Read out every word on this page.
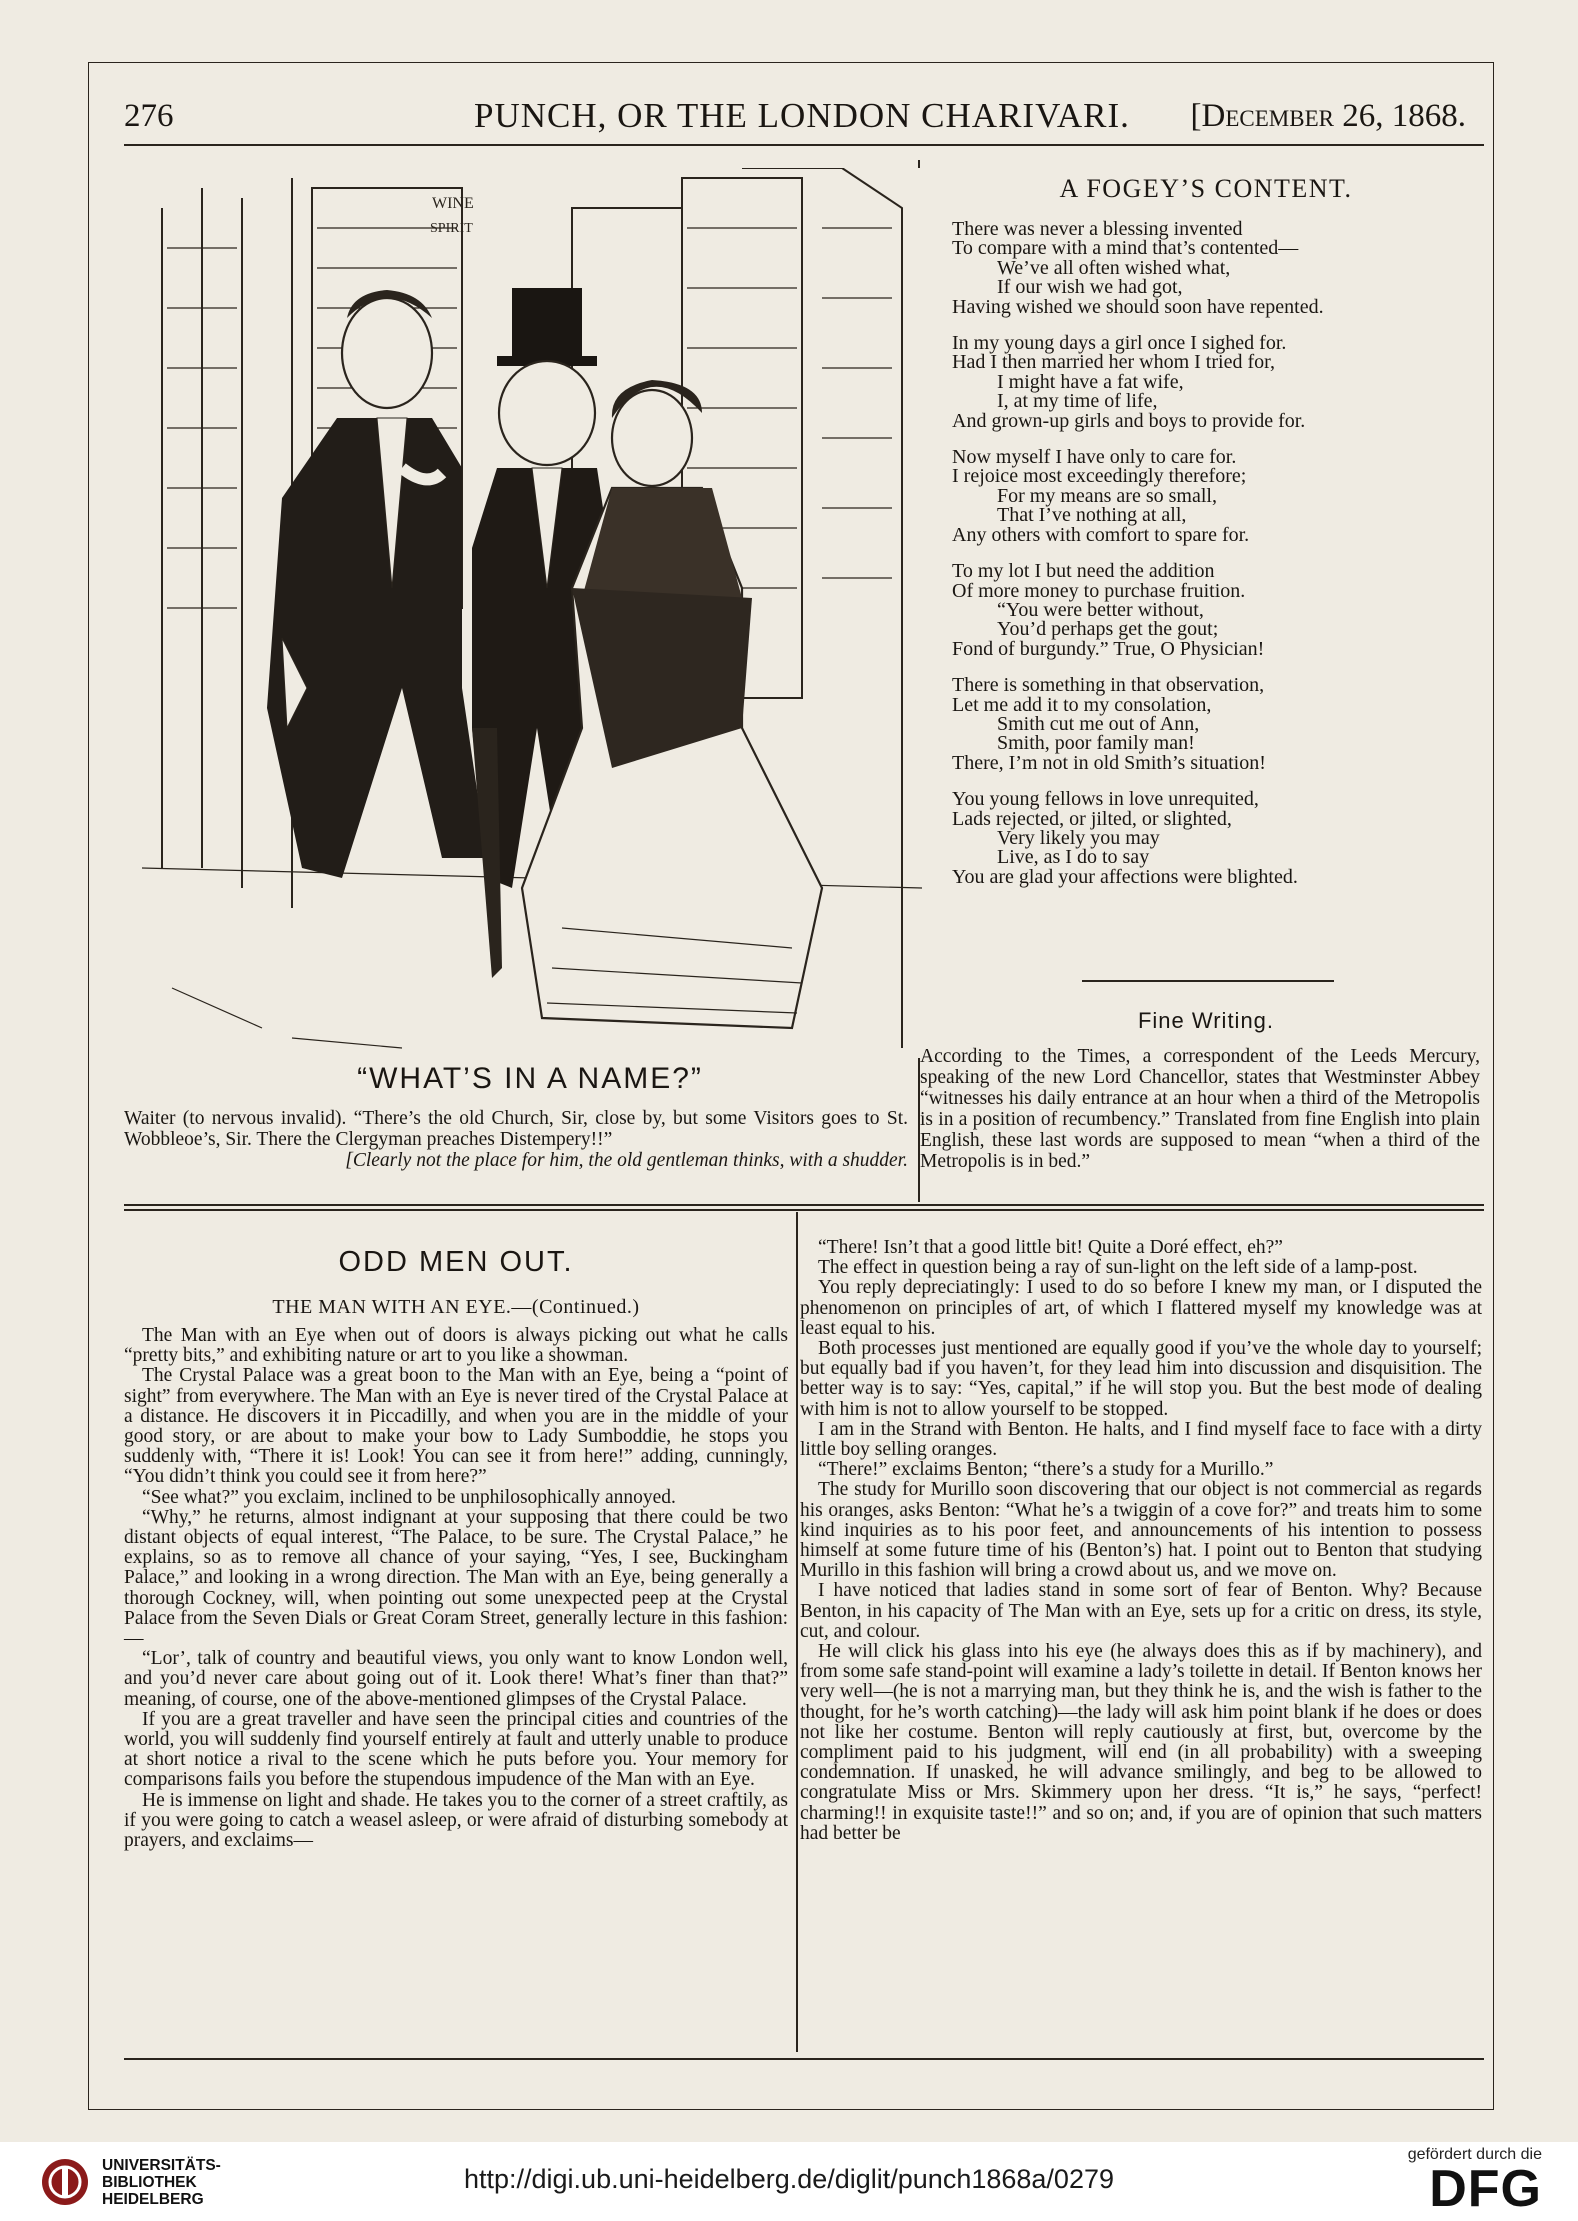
276	PUNCH, OR THE LONDON CHARIVARI. [December 26, 1868.
WINE
SPIRIT
“WHAT’S IN A NAME?”
Waiter (to nervous invalid). “There’s the old Church, Sir, close by, but some Visitors goes to St. Wobbleoe’s, Sir. There the Clergyman preaches Distempery!!”
[Clearly not the place for him, the old gentleman thinks, with a shudder.
A FOGEY’S CONTENT.
There was never a blessing invented
To compare with a mind that’s contented—
We’ve all often wished what,
If our wish we had got,
Having wished we should soon have repented.
In my young days a girl once I sighed for.
Had I then married her whom I tried for,
I might have a fat wife,
I, at my time of life,
And grown-up girls and boys to provide for.
Now myself I have only to care for.
I rejoice most exceedingly therefore;
For my means are so small,
That I’ve nothing at all,
Any others with comfort to spare for.
To my lot I but need the addition
Of more money to purchase fruition.
“You were better without,
You’d perhaps get the gout;
Fond of burgundy.” True, O Physician!
There is something in that observation,
Let me add it to my consolation,
Smith cut me out of Ann,
Smith, poor family man!
There, I’m not in old Smith’s situation!
You young fellows in love unrequited,
Lads rejected, or jilted, or slighted,
Very likely you may
Live, as I do to say
You are glad your affections were blighted.
Fine Writing.
According to the Times, a correspondent of the Leeds Mercury, speaking of the new Lord Chancellor, states that Westminster Abbey “witnesses his daily entrance at an hour when a third of the Metropolis is in a position of recumbency.” Translated from fine English into plain English, these last words are supposed to mean “when a third of the Metropolis is in bed.”
ODD MEN OUT.
THE MAN WITH AN EYE.—(Continued.)

The Man with an Eye when out of doors is always picking out what he calls “pretty bits,” and exhibiting nature or art to you like a showman.

The Crystal Palace was a great boon to the Man with an Eye, being a “point of sight” from everywhere. The Man with an Eye is never tired of the Crystal Palace at a distance. He discovers it in Piccadilly, and when you are in the middle of your good story, or are about to make your bow to Lady Sumboddie, he stops you suddenly with, “There it is! Look! You can see it from here!” adding, cunningly, “You didn’t think you could see it from here?”

“See what?” you exclaim, inclined to be unphilosophically annoyed.

“Why,” he returns, almost indignant at your supposing that there could be two distant objects of equal interest, “The Palace, to be sure. The Crystal Palace,” he explains, so as to remove all chance of your saying, “Yes, I see, Buckingham Palace,” and looking in a wrong direction. The Man with an Eye, being generally a thorough Cockney, will, when pointing out some unexpected peep at the Crystal Palace from the Seven Dials or Great Coram Street, generally lecture in this fashion:—

“Lor’, talk of country and beautiful views, you only want to know London well, and you’d never care about going out of it. Look there! What’s finer than that?” meaning, of course, one of the above-mentioned glimpses of the Crystal Palace.

If you are a great traveller and have seen the principal cities and countries of the world, you will suddenly find yourself entirely at fault and utterly unable to produce at short notice a rival to the scene which he puts before you. Your memory for comparisons fails you before the stupendous impudence of the Man with an Eye.

He is immense on light and shade. He takes you to the corner of a street craftily, as if you were going to catch a weasel asleep, or were afraid of disturbing somebody at prayers, and exclaims—

“There! Isn’t that a good little bit! Quite a Doré effect, eh?”

The effect in question being a ray of sun-light on the left side of a lamp-post.

You reply depreciatingly: I used to do so before I knew my man, or I disputed the phenomenon on principles of art, of which I flattered myself my knowledge was at least equal to his.

Both processes just mentioned are equally good if you’ve the whole day to yourself; but equally bad if you haven’t, for they lead him into discussion and disquisition. The better way is to say: “Yes, capital,” if he will stop you. But the best mode of dealing with him is not to allow yourself to be stopped.

I am in the Strand with Benton. He halts, and I find myself face to face with a dirty little boy selling oranges.

“There!” exclaims Benton; “there’s a study for a Murillo.”

The study for Murillo soon discovering that our object is not commercial as regards his oranges, asks Benton: “What he’s a twiggin of a cove for?” and treats him to some kind inquiries as to his poor feet, and announcements of his intention to possess himself at some future time of his (Benton’s) hat. I point out to Benton that studying Murillo in this fashion will bring a crowd about us, and we move on.

I have noticed that ladies stand in some sort of fear of Benton. Why? Because Benton, in his capacity of The Man with an Eye, sets up for a critic on dress, its style, cut, and colour.

He will click his glass into his eye (he always does this as if by machinery), and from some safe stand-point will examine a lady’s toilette in detail. If Benton knows her very well—(he is not a marrying man, but they think he is, and the wish is father to the thought, for he’s worth catching)—the lady will ask him point blank if he does or does not like her costume. Benton will reply cautiously at first, but, overcome by the compliment paid to his judgment, will end (in all probability) with a sweeping condemnation. If unasked, he will advance smilingly, and beg to be allowed to congratulate Miss or Mrs. Skimmery upon her dress. “It is,” he says, “perfect! charming!! in exquisite taste!!” and so on; and, if you are of opinion that such matters had better be

UNIVERSITÄTS-
BIBLIOTHEK
HEIDELBERG
http://digi.ub.uni-heidelberg.de/diglit/punch1868a/0279
gefördert durch die
DFG
